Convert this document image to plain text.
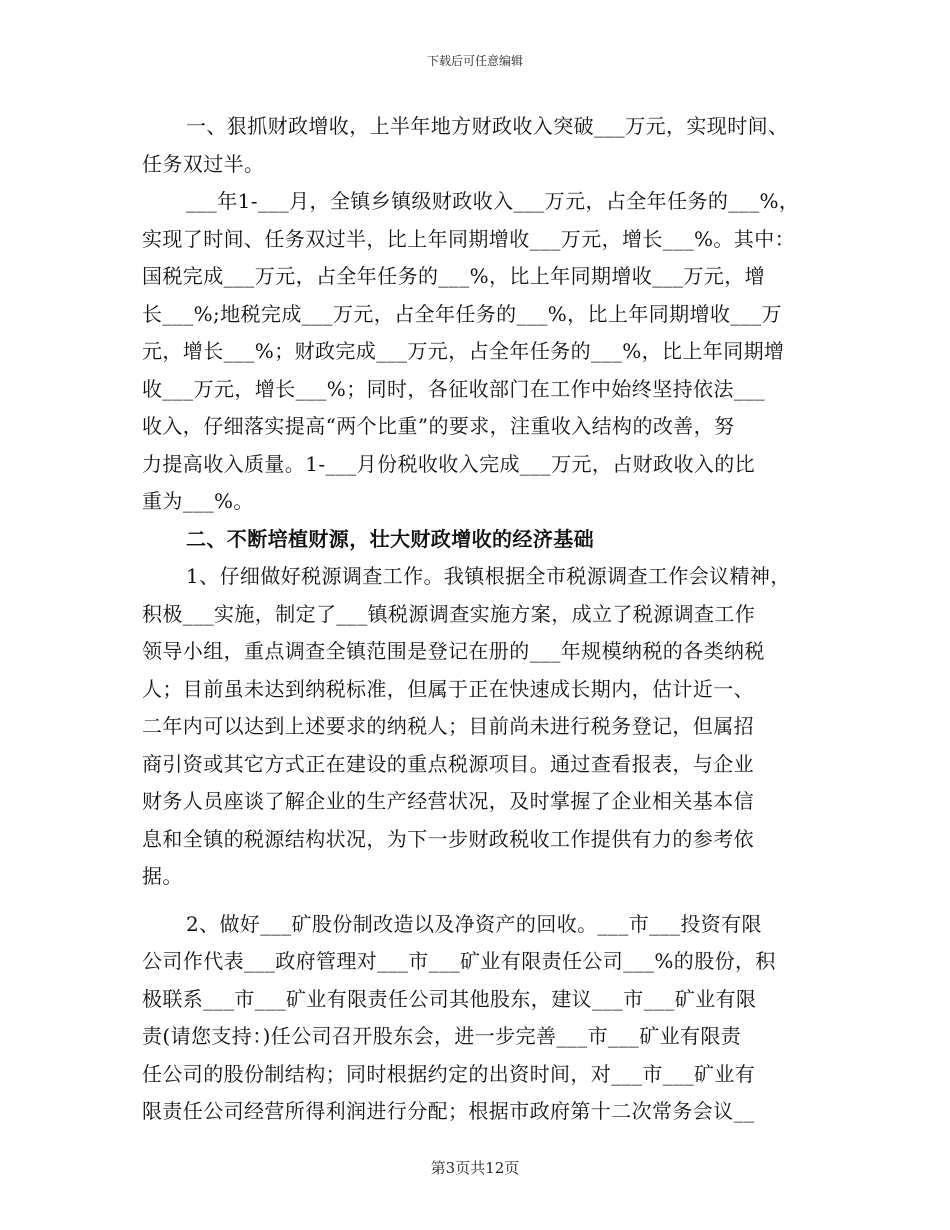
下载后可任意编辑
一、狠抓财政增收，上半年地方财政收入突破___万元，实现时间、
任务双过半。
___年1-___月，全镇乡镇级财政收入___万元，占全年任务的___%，
实现了时间、任务双过半，比上年同期增收___万元，增长___%。其中：
国税完成___万元，占全年任务的___%，比上年同期增收___万元，增
长___%;地税完成___万元，占全年任务的___%，比上年同期增收___万
元，增长___%；财政完成___万元，占全年任务的___%，比上年同期增
收___万元，增长___%；同时，各征收部门在工作中始终坚持依法___
收入，仔细落实提高“两个比重”的要求，注重收入结构的改善，努
力提高收入质量。1-___月份税收收入完成___万元，占财政收入的比
重为___%。
二、不断培植财源，壮大财政增收的经济基础
1、仔细做好税源调查工作。我镇根据全市税源调查工作会议精神，
积极___实施，制定了___镇税源调查实施方案，成立了税源调查工作
领导小组，重点调查全镇范围是登记在册的___年规模纳税的各类纳税
人；目前虽未达到纳税标准，但属于正在快速成长期内，估计近一、
二年内可以达到上述要求的纳税人；目前尚未进行税务登记，但属招
商引资或其它方式正在建设的重点税源项目。通过查看报表，与企业
财务人员座谈了解企业的生产经营状况，及时掌握了企业相关基本信
息和全镇的税源结构状况，为下一步财政税收工作提供有力的参考依
据。
2、做好___矿股份制改造以及净资产的回收。___市___投资有限
公司作代表___政府管理对___市___矿业有限责任公司___%的股份，积
极联系___市___矿业有限责任公司其他股东，建议___市___矿业有限
责(请您支持：)任公司召开股东会，进一步完善___市___矿业有限责
任公司的股份制结构；同时根据约定的出资时间，对___市___矿业有
限责任公司经营所得利润进行分配；根据市政府第十二次常务会议__
第3页共12页
